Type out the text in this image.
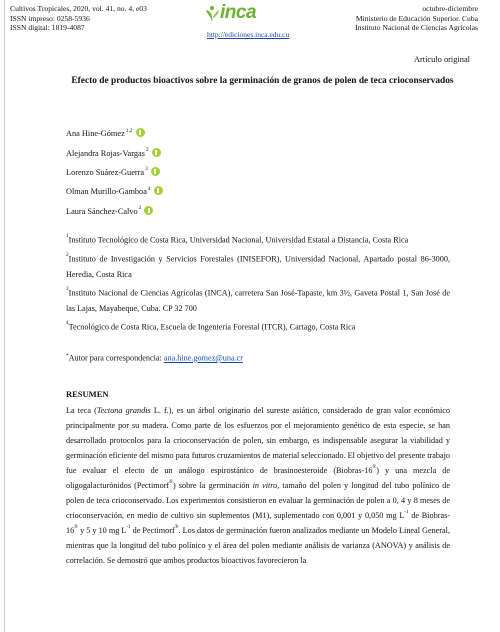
Cultivos Tropicales, 2020, vol. 41, no. 4, e03
ISSN impreso: 0258-5936
ISSN digital: 1819-4087
inca
http://ediciones.inca.edu.cu
octubre-diciembre
Ministerio de Educación Superior. Cuba
Instituto Nacional de Ciencias Agrícolas
Artículo original
Efecto de productos bioactivos sobre la germinación de granos de polen de teca crioconservados
Ana Hine-Gómez$^{1,2}$
Alejandra Rojas-Vargas$^2$
Lorenzo Suárez-Guerra$^3$
Olman Murillo-Gamboa$^4$
Laura Sánchez-Calvo$^2$
$^1$Instituto Tecnológico de Costa Rica, Universidad Nacional, Universidad Estatal a Distancia, Costa Rica
$^2$Instituto de Investigación y Servicios Forestales (INISEFOR), Universidad Nacional, Apartado postal 86-3000, Heredia, Costa Rica
$^3$Instituto Nacional de Ciencias Agrícolas (INCA), carretera San José-Tapaste, km 3½, Gaveta Postal 1, San José de las Lajas, Mayabeque, Cuba. CP 32 700
$^4$Tecnológico de Costa Rica, Escuela de Ingeniería Forestal (ITCR), Cartago, Costa Rica
*Autor para correspondencia: ana.hine.gomez@una.cr
RESUMEN
La teca (Tectona grandis L. f.), es un árbol originario del sureste asiático, considerado de gran valor económico principalmente por su madera. Como parte de los esfuerzos por el mejoramiento genético de esta especie, se han desarrollado protocolos para la crioconservación de polen, sin embargo, es indispensable asegurar la viabilidad y germinación eficiente del mismo para futuros cruzamientos de material seleccionado. El objetivo del presente trabajo fue evaluar el efecto de un análogo espirostánico de brasinoesteroide (Biobras-16®) y una mezcla de oligogalacturónidos (Pectimorf®) sobre la germinación in vitro, tamaño del polen y longitud del tubo polínico de polen de teca crioconservado. Los experimentos consistieron en evaluar la germinación de polen a 0, 4 y 8 meses de crioconservación, en medio de cultivo sin suplementos (M1), suplementado con 0,001 y 0,050 mg $L^{-1}$ de Biobras-16® y 5 y 10 mg $L^{-1}$ de Pectimorf®. Los datos de germinación fueron analizados mediante un Modelo Lineal General, mientras que la longitud del tubo polínico y el área del polen mediante análisis de varianza (ANOVA) y análisis de correlación. Se demostró que ambos productos bioactivos favorecieron la
